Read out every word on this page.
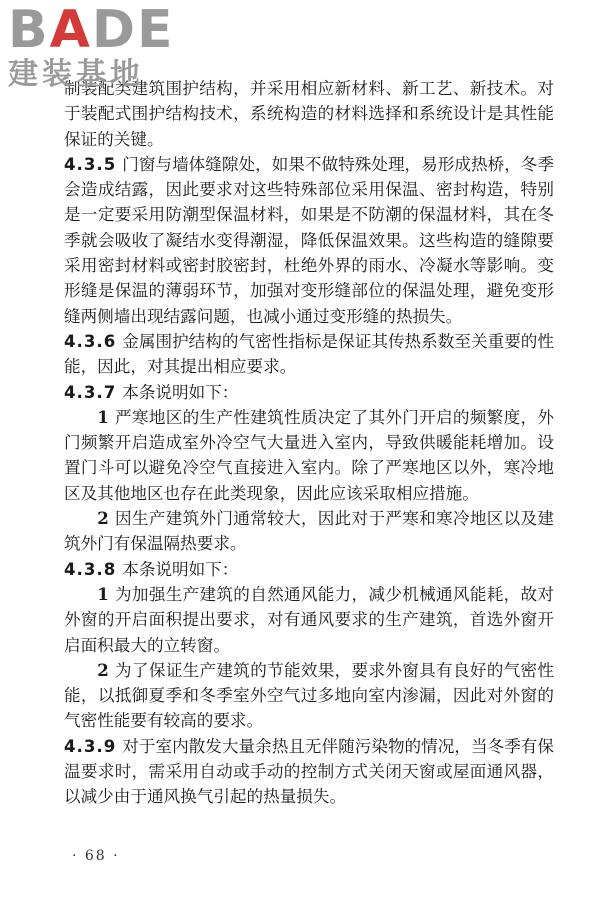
B A DE
建装基地

制装配类建筑围护结构，并采用相应新材料、新工艺、新技术。对于装配式围护结构技术，系统构造的材料选择和系统设计是其性能保证的关键。

4.3.5 门窗与墙体缝隙处，如果不做特殊处理，易形成热桥，冬季会造成结露，因此要求对这些特殊部位采用保温、密封构造，特别是一定要采用防潮型保温材料，如果是不防潮的保温材料，其在冬季就会吸收了凝结水变得潮湿，降低保温效果。这些构造的缝隙要采用密封材料或密封胶密封，杜绝外界的雨水、冷凝水等影响。变形缝是保温的薄弱环节，加强对变形缝部位的保温处理，避免变形缝两侧墙出现结露问题，也减小通过变形缝的热损失。

4.3.6 金属围护结构的气密性指标是保证其传热系数至关重要的性能，因此，对其提出相应要求。

4.3.7 本条说明如下：

1 严寒地区的生产性建筑性质决定了其外门开启的频繁度，外门频繁开启造成室外冷空气大量进入室内，导致供暖能耗增加。设置门斗可以避免冷空气直接进入室内。除了严寒地区以外，寒冷地区及其他地区也存在此类现象，因此应该采取相应措施。

2 因生产建筑外门通常较大，因此对于严寒和寒冷地区以及建筑外门有保温隔热要求。

4.3.8 本条说明如下：

1 为加强生产建筑的自然通风能力，减少机械通风能耗，故对外窗的开启面积提出要求，对有通风要求的生产建筑，首选外窗开启面积最大的立转窗。

2 为了保证生产建筑的节能效果，要求外窗具有良好的气密性能，以抵御夏季和冬季室外空气过多地向室内渗漏，因此对外窗的气密性能要有较高的要求。

4.3.9 对于室内散发大量余热且无伴随污染物的情况，当冬季有保温要求时，需采用自动或手动的控制方式关闭天窗或屋面通风器，以减少由于通风换气引起的热量损失。

· 68 ·
